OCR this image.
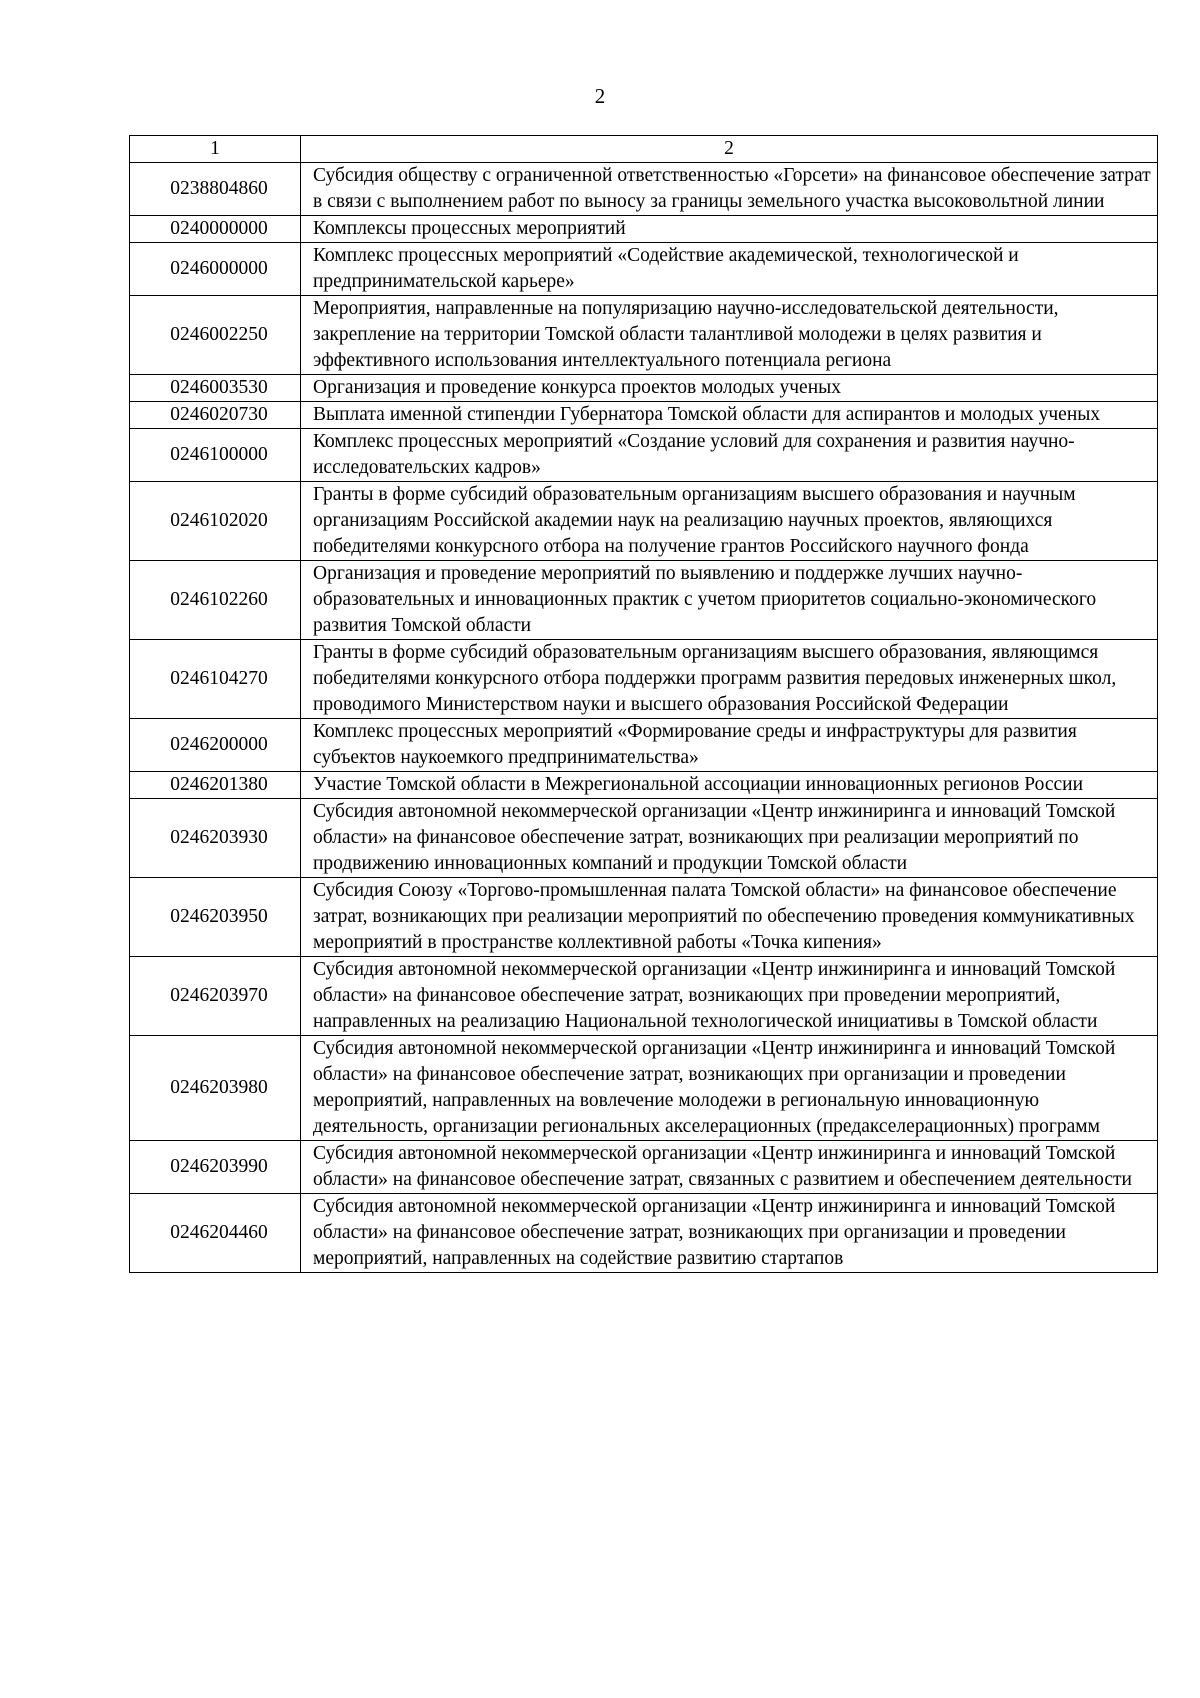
2
1	2
0238804860	Субсидия обществу с ограниченной ответственностью «Горсети» на финансовое обеспечение затрат в связи с выполнением работ по выносу за границы земельного участка высоковольтной линии
0240000000	Комплексы процессных мероприятий
0246000000	Комплекс процессных мероприятий «Содействие академической, технологической и предпринимательской карьере»
0246002250	Мероприятия, направленные на популяризацию научно-исследовательской деятельности, закрепление на территории Томской области талантливой молодежи в целях развития и эффективного использования интеллектуального потенциала региона
0246003530	Организация и проведение конкурса проектов молодых ученых
0246020730	Выплата именной стипендии Губернатора Томской области для аспирантов и молодых ученых
0246100000	Комплекс процессных мероприятий «Создание условий для сохранения и развития научно-исследовательских кадров»
0246102020	Гранты в форме субсидий образовательным организациям высшего образования и научным организациям Российской академии наук на реализацию научных проектов, являющихся победителями конкурсного отбора на получение грантов Российского научного фонда
0246102260	Организация и проведение мероприятий по выявлению и поддержке лучших научно-образовательных и инновационных практик с учетом приоритетов социально-экономического развития Томской области
0246104270	Гранты в форме субсидий образовательным организациям высшего образования, являющимся победителями конкурсного отбора поддержки программ развития передовых инженерных школ, проводимого Министерством науки и высшего образования Российской Федерации
0246200000	Комплекс процессных мероприятий «Формирование среды и инфраструктуры для развития субъектов наукоемкого предпринимательства»
0246201380	Участие Томской области в Межрегиональной ассоциации инновационных регионов России
0246203930	Субсидия автономной некоммерческой организации «Центр инжиниринга и инноваций Томской области» на финансовое обеспечение затрат, возникающих при реализации мероприятий по продвижению инновационных компаний и продукции Томской области
0246203950	Субсидия Союзу «Торгово-промышленная палата Томской области» на финансовое обеспечение затрат, возникающих при реализации мероприятий по обеспечению проведения коммуникативных мероприятий в пространстве коллективной работы «Точка кипения»
0246203970	Субсидия автономной некоммерческой организации «Центр инжиниринга и инноваций Томской области» на финансовое обеспечение затрат, возникающих при проведении мероприятий, направленных на реализацию Национальной технологической инициативы в Томской области
0246203980	Субсидия автономной некоммерческой организации «Центр инжиниринга и инноваций Томской области» на финансовое обеспечение затрат, возникающих при организации и проведении мероприятий, направленных на вовлечение молодежи в региональную инновационную деятельность, организации региональных акселерационных (предакселерационных) программ
0246203990	Субсидия автономной некоммерческой организации «Центр инжиниринга и инноваций Томской области» на финансовое обеспечение затрат, связанных с развитием и обеспечением деятельности
0246204460	Субсидия автономной некоммерческой организации «Центр инжиниринга и инноваций Томской области» на финансовое обеспечение затрат, возникающих при организации и проведении мероприятий, направленных на содействие развитию стартапов
